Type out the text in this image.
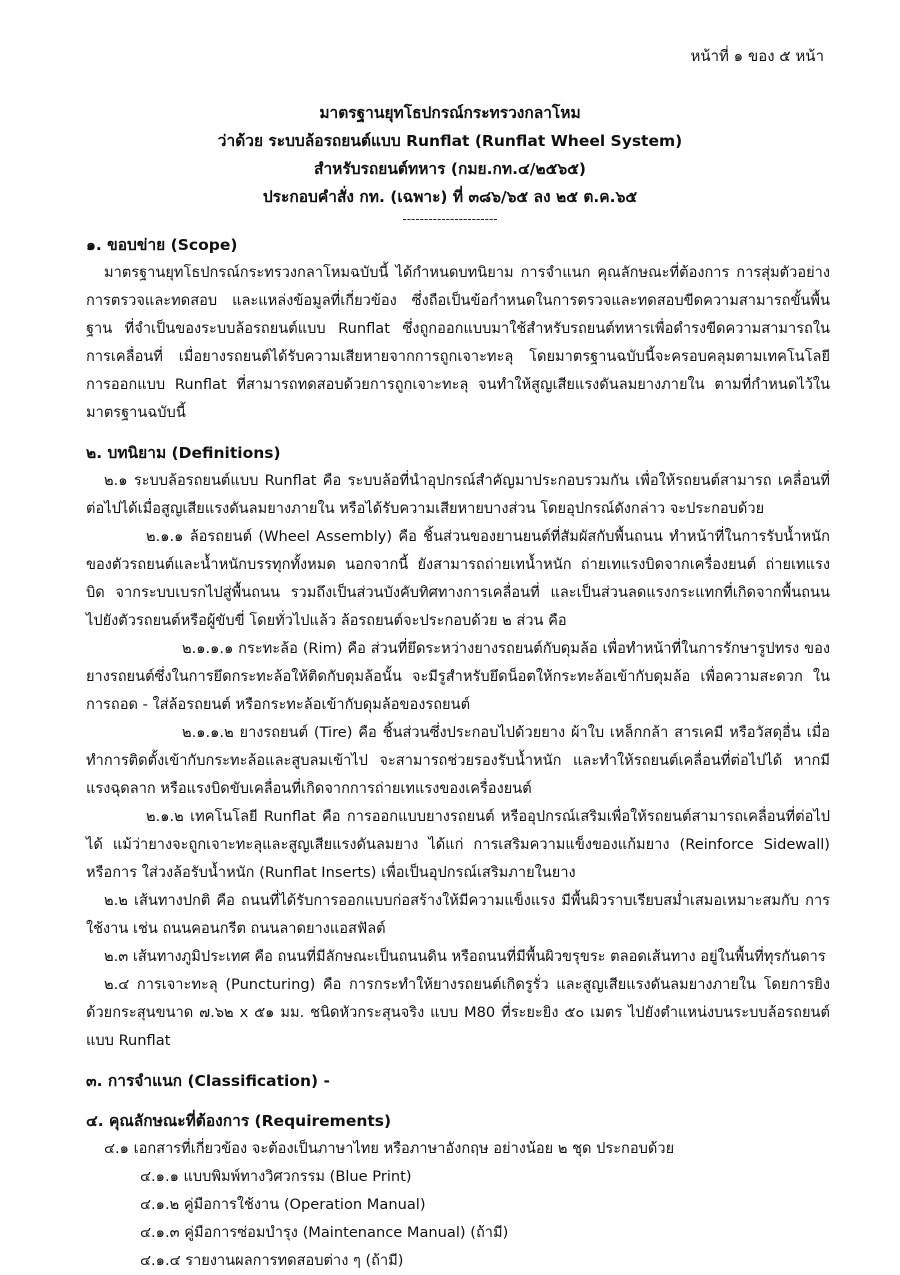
หน้าที่ ๑ ของ ๕ หน้า
มาตรฐานยุทโธปกรณ์กระทรวงกลาโหม
ว่าด้วย ระบบล้อรถยนต์แบบ Runflat (Runflat Wheel System)
สำหรับรถยนต์ทหาร (กมย.กท.๔/๒๕๖๕)
ประกอบคำสั่ง กท. (เฉพาะ) ที่ ๓๘๖/๖๕ ลง ๒๕ ต.ค.๖๕
----------------------
๑. ขอบข่าย (Scope)
มาตรฐานยุทโธปกรณ์กระทรวงกลาโหมฉบับนี้ ได้กำหนดบทนิยาม การจำแนก คุณลักษณะที่ต้องการ การสุ่มตัวอย่าง การตรวจและทดสอบ และแหล่งข้อมูลที่เกี่ยวข้อง ซึ่งถือเป็นข้อกำหนดในการตรวจและทดสอบขีดความสามารถขั้นพื้นฐาน ที่จำเป็นของระบบล้อรถยนต์แบบ Runflat ซึ่งถูกออกแบบมาใช้สำหรับรถยนต์ทหารเพื่อดำรงขีดความสามารถในการเคลื่อนที่ เมื่อยางรถยนต์ได้รับความเสียหายจากการถูกเจาะทะลุ โดยมาตรฐานฉบับนี้จะครอบคลุมตามเทคโนโลยีการออกแบบ Runflat ที่สามารถทดสอบด้วยการถูกเจาะทะลุ จนทำให้สูญเสียแรงดันลมยางภายใน ตามที่กำหนดไว้ในมาตรฐานฉบับนี้
๒. บทนิยาม (Definitions)
๒.๑ ระบบล้อรถยนต์แบบ Runflat คือ ระบบล้อที่นำอุปกรณ์สำคัญมาประกอบรวมกัน เพื่อให้รถยนต์สามารถ เคลื่อนที่ต่อไปได้เมื่อสูญเสียแรงดันลมยางภายใน หรือได้รับความเสียหายบางส่วน โดยอุปกรณ์ดังกล่าว จะประกอบด้วย
๒.๑.๑ ล้อรถยนต์ (Wheel Assembly) คือ ชิ้นส่วนของยานยนต์ที่สัมผัสกับพื้นถนน ทำหน้าที่ในการรับน้ำหนัก ของตัวรถยนต์และน้ำหนักบรรทุกทั้งหมด นอกจากนี้ ยังสามารถถ่ายเทน้ำหนัก ถ่ายเทแรงบิดจากเครื่องยนต์ ถ่ายเทแรงบิด จากระบบเบรกไปสู่พื้นถนน รวมถึงเป็นส่วนบังคับทิศทางการเคลื่อนที่ และเป็นส่วนลดแรงกระแทกที่เกิดจากพื้นถนน ไปยังตัวรถยนต์หรือผู้ขับขี่ โดยทั่วไปแล้ว ล้อรถยนต์จะประกอบด้วย ๒ ส่วน คือ
๒.๑.๑.๑ กระทะล้อ (Rim) คือ ส่วนที่ยึดระหว่างยางรถยนต์กับดุมล้อ เพื่อทำหน้าที่ในการรักษารูปทรง ของยางรถยนต์ซึ่งในการยึดกระทะล้อให้ติดกับดุมล้อนั้น จะมีรูสำหรับยึดน็อตให้กระทะล้อเข้ากับดุมล้อ เพื่อความสะดวก ในการถอด - ใส่ล้อรถยนต์ หรือกระทะล้อเข้ากับดุมล้อของรถยนต์
๒.๑.๑.๒ ยางรถยนต์ (Tire) คือ ชิ้นส่วนซึ่งประกอบไปด้วยยาง ผ้าใบ เหล็กกล้า สารเคมี หรือวัสดุอื่น เมื่อทำการติดตั้งเข้ากับกระทะล้อและสูบลมเข้าไป จะสามารถช่วยรองรับน้ำหนัก และทำให้รถยนต์เคลื่อนที่ต่อไปได้ หากมีแรงฉุดลาก หรือแรงบิดขับเคลื่อนที่เกิดจากการถ่ายเทแรงของเครื่องยนต์
๒.๑.๒ เทคโนโลยี Runflat คือ การออกแบบยางรถยนต์ หรืออุปกรณ์เสริมเพื่อให้รถยนต์สามารถเคลื่อนที่ต่อไปได้ แม้ว่ายางจะถูกเจาะทะลุและสูญเสียแรงดันลมยาง ได้แก่ การเสริมความแข็งของแก้มยาง (Reinforce Sidewall) หรือการ ใส่วงล้อรับน้ำหนัก (Runflat Inserts) เพื่อเป็นอุปกรณ์เสริมภายในยาง
๒.๒ เส้นทางปกติ คือ ถนนที่ได้รับการออกแบบก่อสร้างให้มีความแข็งแรง มีพื้นผิวราบเรียบสม่ำเสมอเหมาะสมกับ การใช้งาน เช่น ถนนคอนกรีต ถนนลาดยางแอสฟัลต์
๒.๓ เส้นทางภูมิประเทศ คือ ถนนที่มีลักษณะเป็นถนนดิน หรือถนนที่มีพื้นผิวขรุขระ ตลอดเส้นทาง อยู่ในพื้นที่ทุรกันดาร
๒.๔ การเจาะทะลุ (Puncturing) คือ การกระทำให้ยางรถยนต์เกิดรูรั่ว และสูญเสียแรงดันลมยางภายใน โดยการยิง ด้วยกระสุนขนาด ๗.๖๒ x ๕๑ มม. ชนิดหัวกระสุนจริง แบบ M80 ที่ระยะยิง ๕๐ เมตร ไปยังตำแหน่งบนระบบล้อรถยนต์แบบ Runflat
๓. การจำแนก (Classification) -
๔. คุณลักษณะที่ต้องการ (Requirements)
๔.๑ เอกสารที่เกี่ยวข้อง จะต้องเป็นภาษาไทย หรือภาษาอังกฤษ อย่างน้อย ๒ ชุด ประกอบด้วย
๔.๑.๑ แบบพิมพ์ทางวิศวกรรม (Blue Print)
๔.๑.๒ คู่มือการใช้งาน (Operation Manual)
๔.๑.๓ คู่มือการซ่อมบำรุง (Maintenance Manual) (ถ้ามี)
๔.๑.๔ รายงานผลการทดสอบต่าง ๆ (ถ้ามี)
